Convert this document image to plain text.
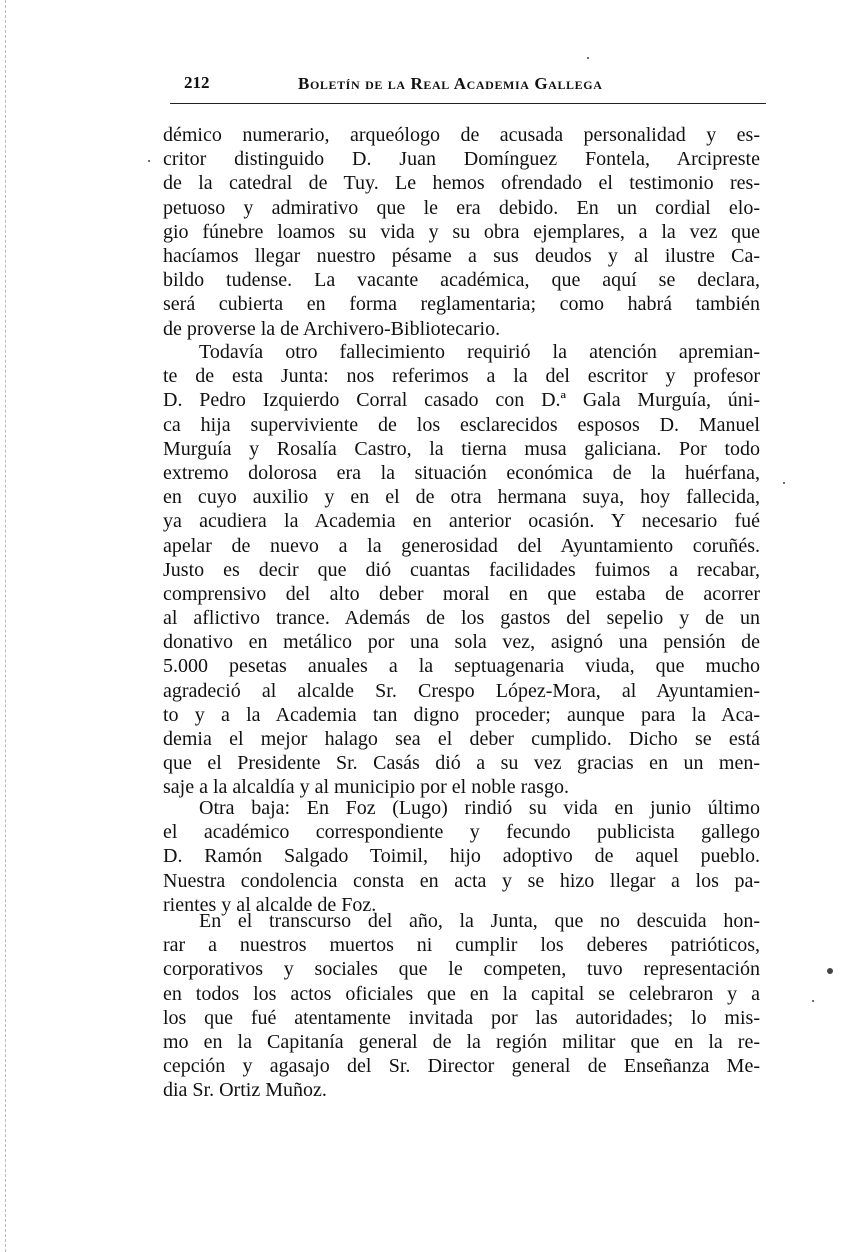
212	Boletín de la Real Academia Gallega
démico numerario, arqueólogo de acusada personalidad y es-
critor distinguido D. Juan Domínguez Fontela, Arcipreste
de la catedral de Tuy. Le hemos ofrendado el testimonio res-
petuoso y admirativo que le era debido. En un cordial elo-
gio fúnebre loamos su vida y su obra ejemplares, a la vez que
hacíamos llegar nuestro pésame a sus deudos y al ilustre Ca-
bildo tudense. La vacante académica, que aquí se declara,
será cubierta en forma reglamentaria; como habrá también
de proverse la de Archivero-Bibliotecario.
Todavía otro fallecimiento requirió la atención apremian-
te de esta Junta: nos referimos a la del escritor y profesor
D. Pedro Izquierdo Corral casado con D.ª Gala Murguía, úni-
ca hija superviviente de los esclarecidos esposos D. Manuel
Murguía y Rosalía Castro, la tierna musa galiciana. Por todo
extremo dolorosa era la situación económica de la huérfana,
en cuyo auxilio y en el de otra hermana suya, hoy fallecida,
ya acudiera la Academia en anterior ocasión. Y necesario fué
apelar de nuevo a la generosidad del Ayuntamiento coruñés.
Justo es decir que dió cuantas facilidades fuimos a recabar,
comprensivo del alto deber moral en que estaba de acorrer
al aflictivo trance. Además de los gastos del sepelio y de un
donativo en metálico por una sola vez, asignó una pensión de
5.000 pesetas anuales a la septuagenaria viuda, que mucho
agradeció al alcalde Sr. Crespo López-Mora, al Ayuntamien-
to y a la Academia tan digno proceder; aunque para la Aca-
demia el mejor halago sea el deber cumplido. Dicho se está
que el Presidente Sr. Casás dió a su vez gracias en un men-
saje a la alcaldía y al municipio por el noble rasgo.
Otra baja: En Foz (Lugo) rindió su vida en junio último
el académico correspondiente y fecundo publicista gallego
D. Ramón Salgado Toimil, hijo adoptivo de aquel pueblo.
Nuestra condolencia consta en acta y se hizo llegar a los pa-
rientes y al alcalde de Foz.
En el transcurso del año, la Junta, que no descuida hon-
rar a nuestros muertos ni cumplir los deberes patrióticos,
corporativos y sociales que le competen, tuvo representación
en todos los actos oficiales que en la capital se celebraron y a
los que fué atentamente invitada por las autoridades; lo mis-
mo en la Capitanía general de la región militar que en la re-
cepción y agasajo del Sr. Director general de Enseñanza Me-
dia Sr. Ortiz Muñoz.
